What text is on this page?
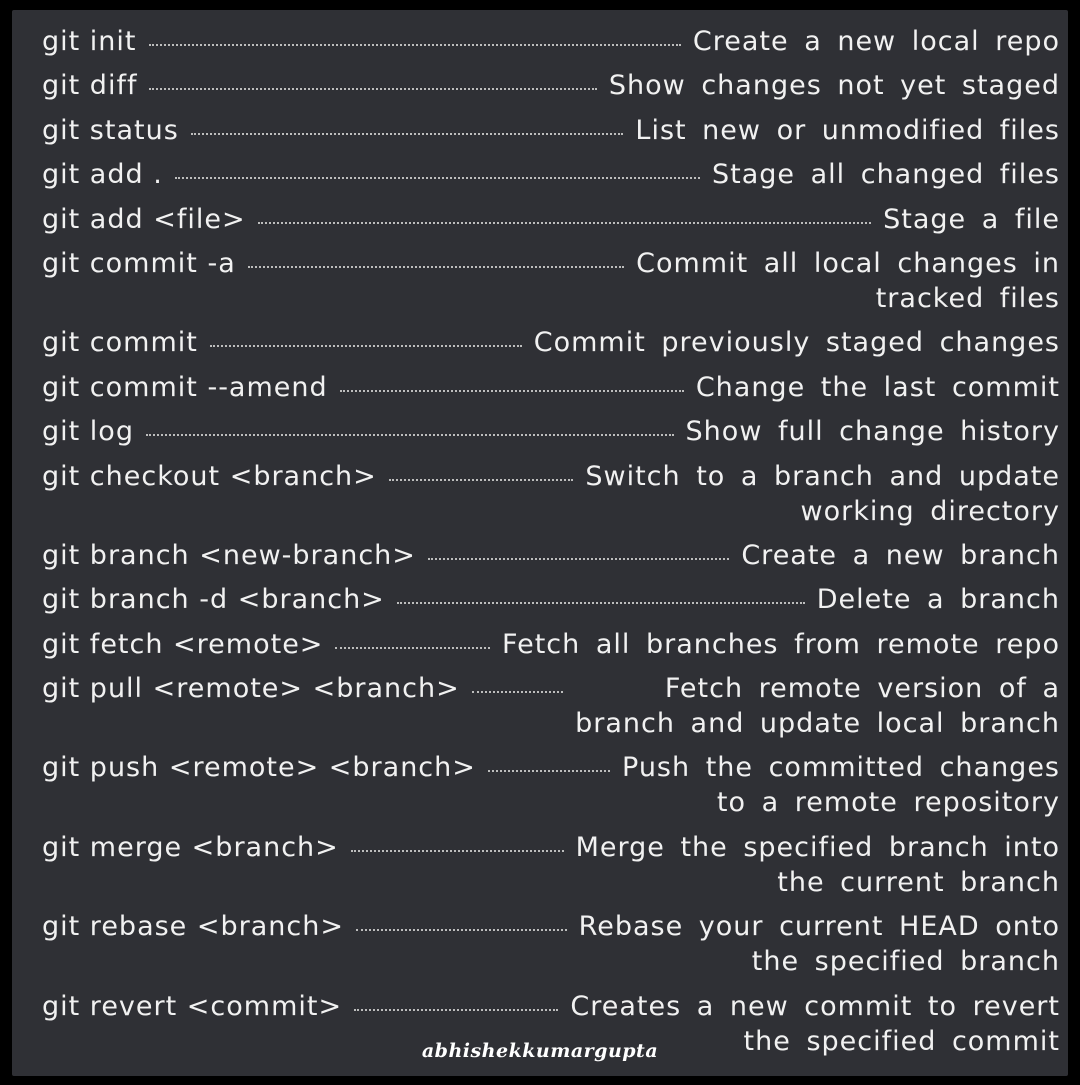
git init	Create a new local repo
git diff	Show changes not yet staged
git status	List new or unmodified files
git add .	Stage all changed files
git add <file>	Stage a file
git commit -a	Commit all local changes in
tracked files
git commit	Commit previously staged changes
git commit --amend	Change the last commit
git log	Show full change history
git checkout <branch>	Switch to a branch and update
working directory
git branch <new-branch>	Create a new branch
git branch -d <branch>	Delete a branch
git fetch <remote>	Fetch all branches from remote repo
git pull <remote> <branch>	Fetch remote version of a
branch and update local branch
git push <remote> <branch>	Push the committed changes
to a remote repository
git merge <branch>	Merge the specified branch into
the current branch
git rebase <branch>	Rebase your current HEAD onto
the specified branch
git revert <commit>	Creates a new commit to revert
the specified commit
abhishekkumargupta
